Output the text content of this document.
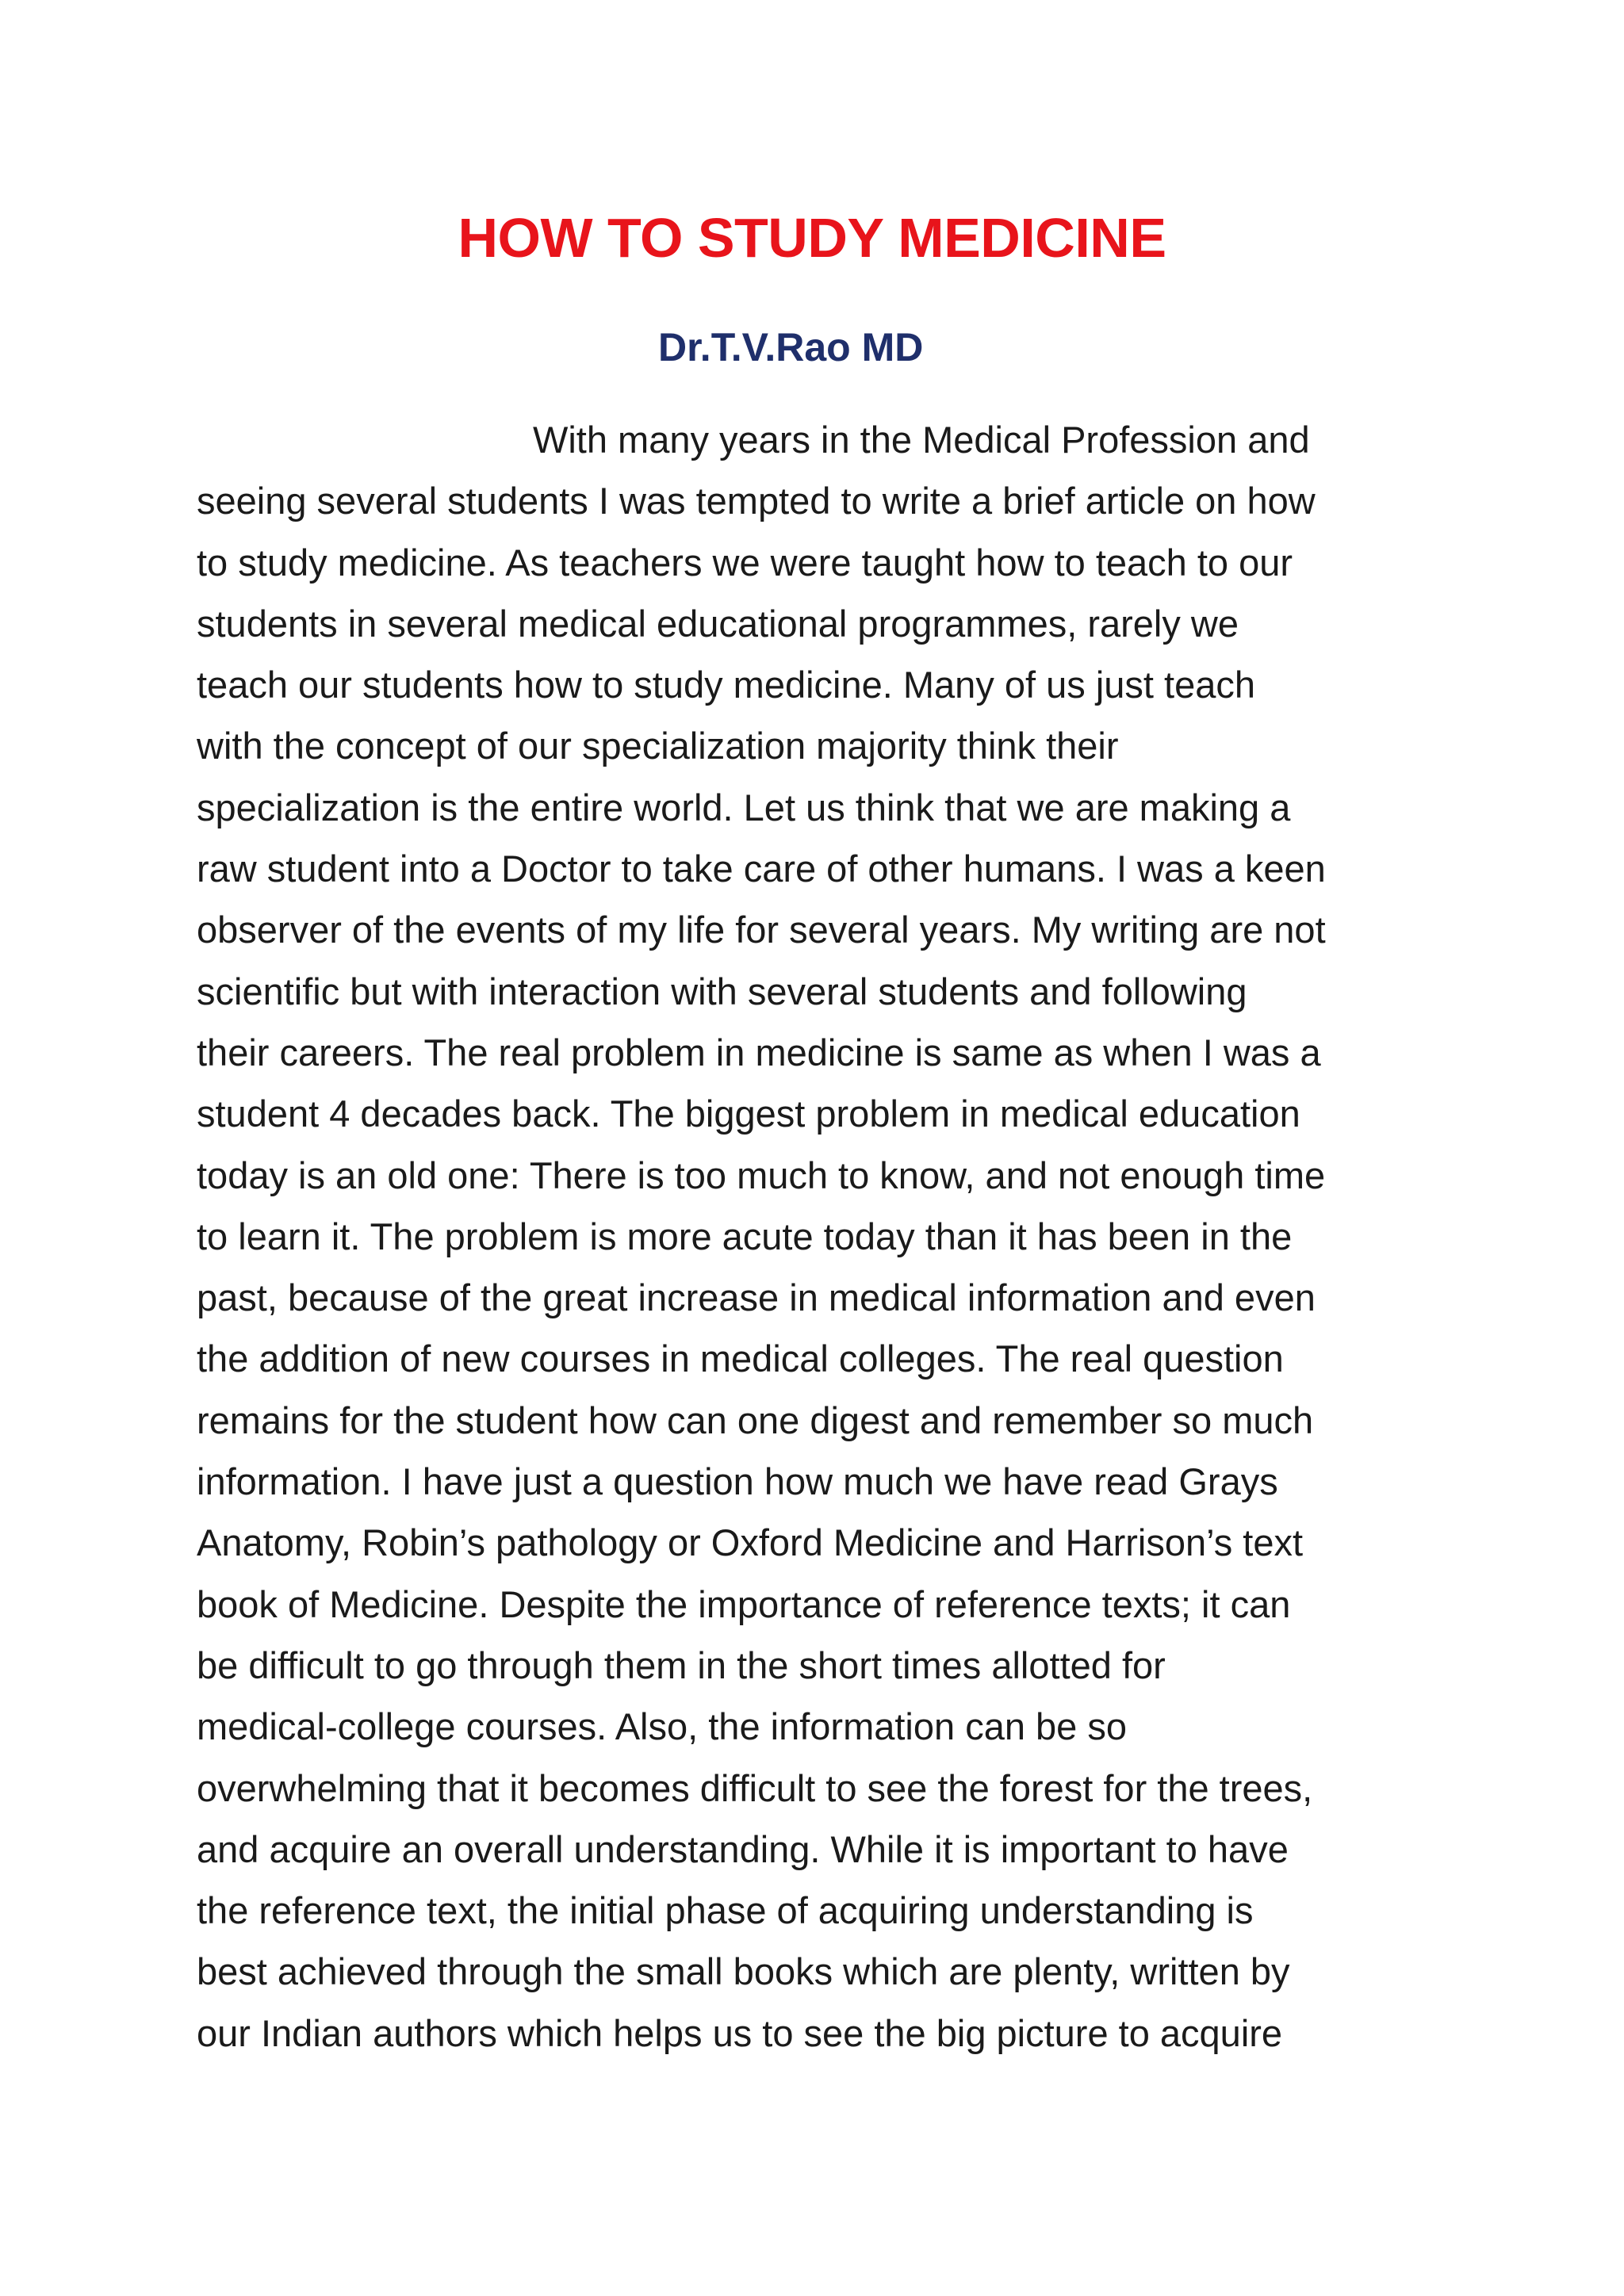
HOW TO STUDY MEDICINE
Dr.T.V.Rao MD
With many years in the Medical Profession and
seeing several students I was tempted to write a brief article on how
to study medicine. As teachers we were taught how to teach to our
students in several medical educational programmes, rarely we
teach our students how to study medicine. Many of us just teach
with the concept of our specialization majority think their
specialization is the entire world. Let us think that we are making a
raw student into a Doctor to take care of other humans. I was a keen
observer of the events of my life for several years. My writing are not
scientific but with interaction with several students and following
their careers. The real problem in medicine is same as when I was a
student 4 decades back. The biggest problem in medical education
today is an old one: There is too much to know, and not enough time
to learn it. The problem is more acute today than it has been in the
past, because of the great increase in medical information and even
the addition of new courses in medical colleges. The real question
remains for the student how can one digest and remember so much
information. I have just a question how much we have read Grays
Anatomy, Robin’s pathology or Oxford Medicine and Harrison’s text
book of Medicine. Despite the importance of reference texts; it can
be difficult to go through them in the short times allotted for
medical-college courses. Also, the information can be so
overwhelming that it becomes difficult to see the forest for the trees,
and acquire an overall understanding. While it is important to have
the reference text, the initial phase of acquiring understanding is
best achieved through the small books which are plenty, written by
our Indian authors which helps us to see the big picture to acquire
